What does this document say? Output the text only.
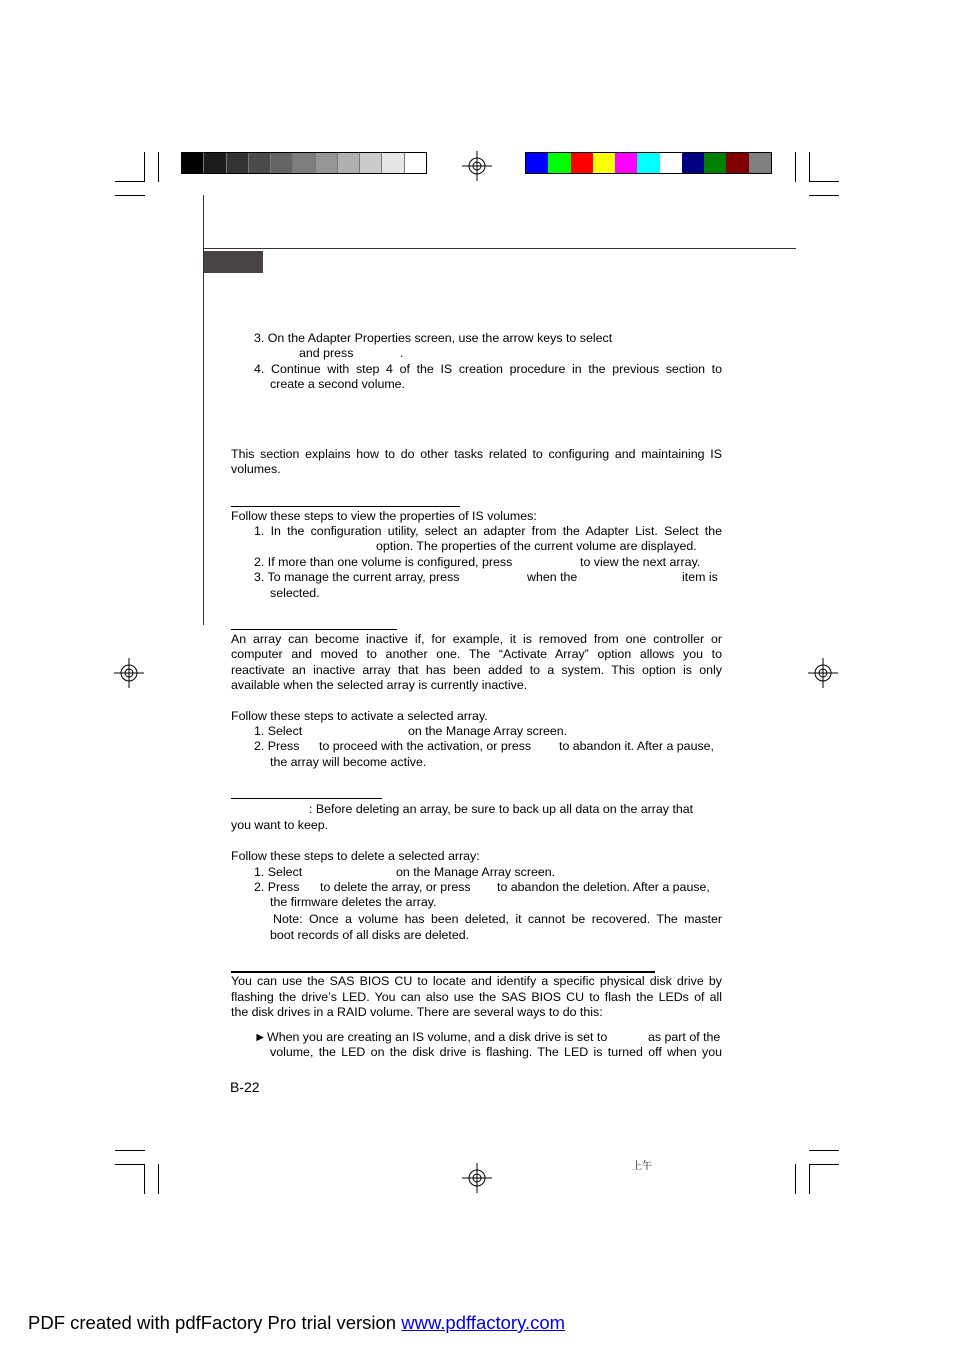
3. On the Adapter Properties screen, use the arrow keys to select
and press	.
4. Continue with step 4 of the IS creation procedure in the previous section to
create a second volume.
This section explains how to do other tasks related to configuring and maintaining IS
volumes.
Follow these steps to view the properties of IS volumes:
1. In the configuration utility, select an adapter from the Adapter List. Select the
option. The properties of the current volume are displayed.
2. If more than one volume is configured, press	to view the next array.
3. To manage the current array, press	when the	item is
selected.
An array can become inactive if, for example, it is removed from one controller or
computer and moved to another one. The “Activate Array” option allows you to
reactivate an inactive array that has been added to a system. This option is only
available when the selected array is currently inactive.
Follow these steps to activate a selected array.
1. Select	on the Manage Array screen.
2. Press to proceed with the activation, or press to abandon it. After a pause,
the array will become active.
: Before deleting an array, be sure to back up all data on the array that
you want to keep.
Follow these steps to delete a selected array:
1. Select	on the Manage Array screen.
2. Press to delete the array, or press to abandon the deletion. After a pause,
the firmware deletes the array.
Note: Once a volume has been deleted, it cannot be recovered. The master
boot records of all disks are deleted.
You can use the SAS BIOS CU to locate and identify a specific physical disk drive by
flashing the drive’s LED. You can also use the SAS BIOS CU to flash the LEDs of all
the disk drives in a RAID volume. There are several ways to do this:
► When you are creating an IS volume, and a disk drive is set to	as part of the
volume, the LED on the disk drive is flashing. The LED is turned off when you
B-22
上午
PDF created with pdfFactory Pro trial version www.pdffactory.com
